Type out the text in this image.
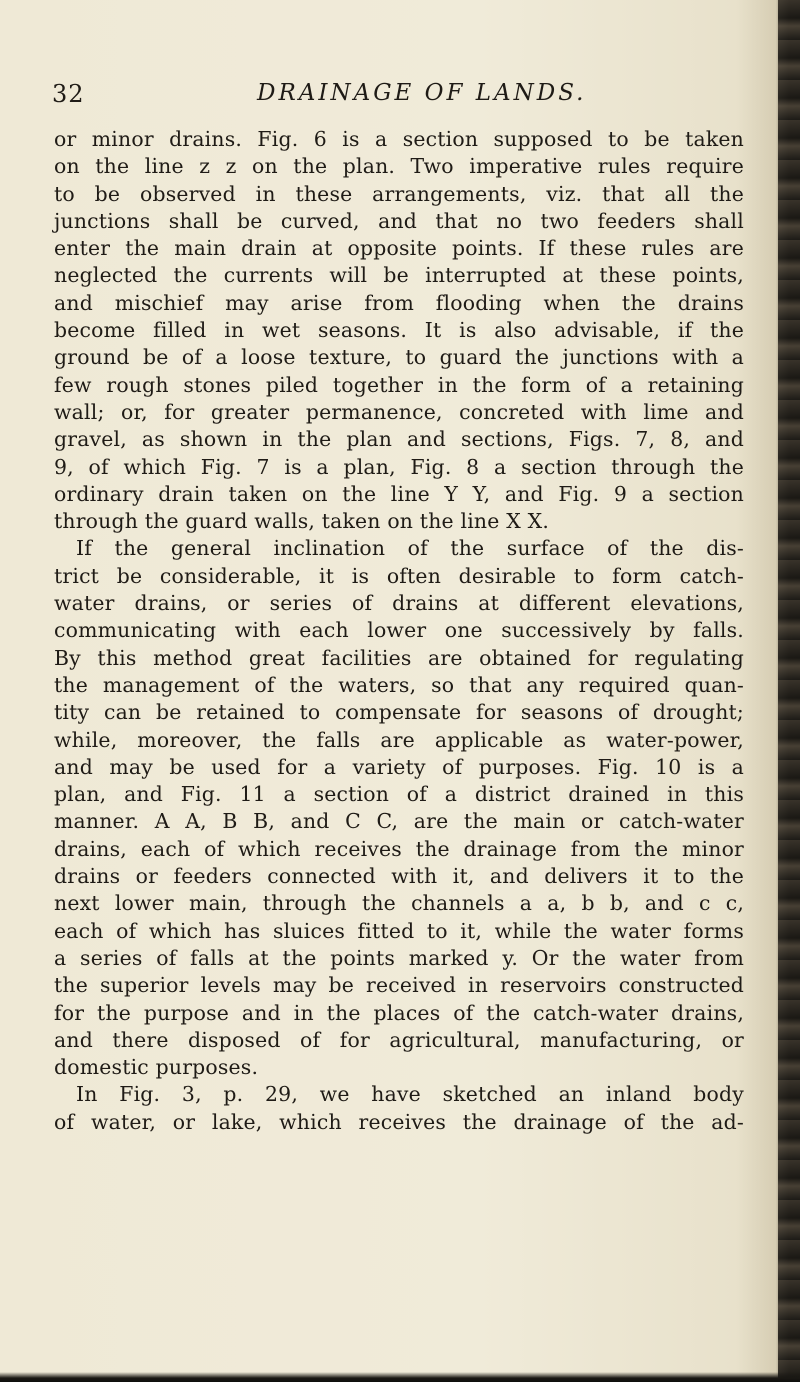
32	DRAINAGE OF LANDS.
or minor drains. Fig. 6 is a section supposed to be taken
on the line z z on the plan. Two imperative rules require
to be observed in these arrangements, viz. that all the
junctions shall be curved, and that no two feeders shall
enter the main drain at opposite points. If these rules are
neglected the currents will be interrupted at these points,
and mischief may arise from flooding when the drains
become filled in wet seasons. It is also advisable, if the
ground be of a loose texture, to guard the junctions with a
few rough stones piled together in the form of a retaining
wall; or, for greater permanence, concreted with lime and
gravel, as shown in the plan and sections, Figs. 7, 8, and
9, of which Fig. 7 is a plan, Fig. 8 a section through the
ordinary drain taken on the line Y Y, and Fig. 9 a section
through the guard walls, taken on the line X X.
If the general inclination of the surface of the dis-
trict be considerable, it is often desirable to form catch-
water drains, or series of drains at different elevations,
communicating with each lower one successively by falls.
By this method great facilities are obtained for regulating
the management of the waters, so that any required quan-
tity can be retained to compensate for seasons of drought;
while, moreover, the falls are applicable as water-power,
and may be used for a variety of purposes. Fig. 10 is a
plan, and Fig. 11 a section of a district drained in this
manner. A A, B B, and C C, are the main or catch-water
drains, each of which receives the drainage from the minor
drains or feeders connected with it, and delivers it to the
next lower main, through the channels a a, b b, and c c,
each of which has sluices fitted to it, while the water forms
a series of falls at the points marked y. Or the water from
the superior levels may be received in reservoirs constructed
for the purpose and in the places of the catch-water drains,
and there disposed of for agricultural, manufacturing, or
domestic purposes.
In Fig. 3, p. 29, we have sketched an inland body
of water, or lake, which receives the drainage of the ad-
